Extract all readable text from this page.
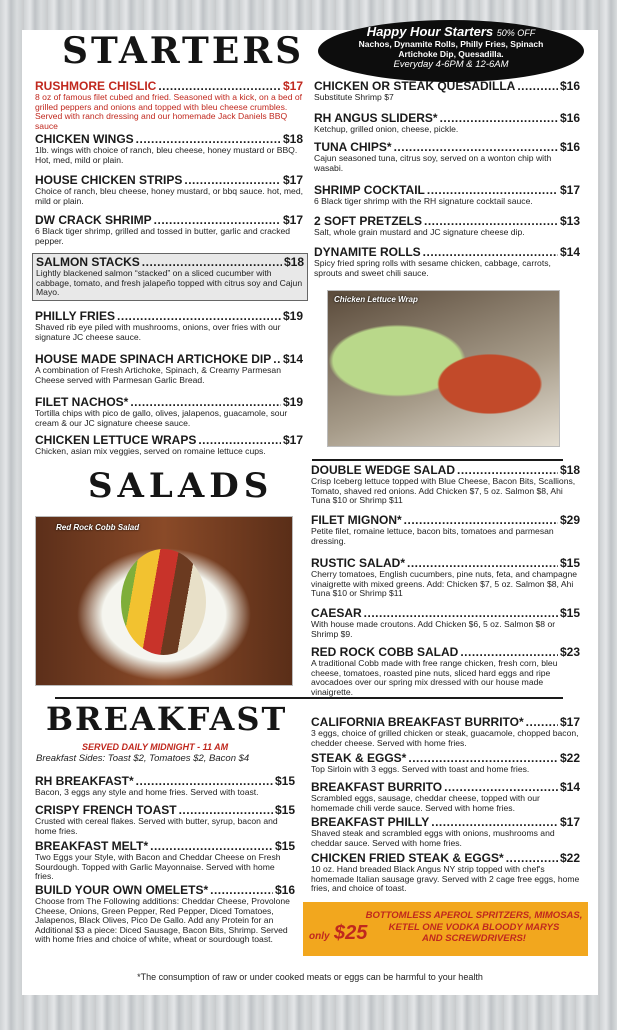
STARTERS	Happy Hour Starters 50% OFF
Nachos, Dynamite Rolls, Philly Fries, Spinach
Artichoke Dip, Quesadilla.
Everyday 4-6PM & 12-6AM
RUSHMORE CHISLIC .....	$17
8 oz of famous filet cubed and fried. Seasoned with a kick, on a bed of grilled peppers and onions and topped with bleu cheese crumbles. Served with ranch dressing and our homemade Jack Daniels BBQ sauce
CHICKEN WINGS .....	$18
1lb. wings with choice of ranch, bleu cheese, honey mustard or BBQ. Hot, med, mild or plain.
HOUSE CHICKEN STRIPS .....	$17
Choice of ranch, bleu cheese, honey mustard, or bbq sauce. hot, med, mild or plain.
DW CRACK SHRIMP .....	$17
6 Black tiger shrimp, grilled and tossed in butter, garlic and cracked pepper.
SALMON STACKS .....	$18
Lightly blackened salmon “stacked” on a sliced cucumber with cabbage, tomato, and fresh jalapeño topped with citrus soy and Cajun Mayo.
PHILLY FRIES .....	$19
Shaved rib eye piled with mushrooms, onions, over fries with our signature JC cheese sauce.
HOUSE MADE SPINACH ARTICHOKE DIP ..... $14
A combination of Fresh Artichoke, Spinach, & Creamy Parmesan Cheese served with Parmesan Garlic Bread.
FILET NACHOS* .....	$19
Tortilla chips with pico de gallo, olives, jalapenos, guacamole, sour cream & our JC signature cheese sauce.
CHICKEN LETTUCE WRAPS .....	$17
Chicken, asian mix veggies, served on romaine lettuce cups.
CHICKEN OR STEAK QUESADILLA .....	$16
Substitute Shrimp $7
RH ANGUS SLIDERS* .....	$16
Ketchup, grilled onion, cheese, pickle.
TUNA CHIPS* .....	$16
Cajun seasoned tuna, citrus soy, served on a wonton chip with wasabi.
SHRIMP COCKTAIL .....	$17
6 Black tiger shrimp with the RH signature cocktail sauce.
2 SOFT PRETZELS .....	$13
Salt, whole grain mustard and JC signature cheese dip.
DYNAMITE ROLLS .....	$14
Spicy fried spring rolls with sesame chicken, cabbage, carrots, sprouts and sweet chili sauce.
Chicken Lettuce Wrap
SALADS
Red Rock Cobb Salad
DOUBLE WEDGE SALAD .....	$18
Crisp Iceberg lettuce topped with Blue Cheese, Bacon Bits, Scallions, Tomato, shaved red onions. Add Chicken $7, 5 oz. Salmon $8, Ahi Tuna $10 or Shrimp $11
FILET MIGNON* .....	$29
Petite filet, romaine lettuce, bacon bits, tomatoes and parmesan dressing.
RUSTIC SALAD* .....	$15
Cherry tomatoes, English cucumbers, pine nuts, feta, and champagne vinaigrette with mixed greens. Add: Chicken $7, 5 oz. Salmon $8, Ahi Tuna $10 or Shrimp $11
CAESAR .....	$15
With house made croutons. Add Chicken $6, 5 oz. Salmon $8 or Shrimp $9.
RED ROCK COBB SALAD .....	$23
A traditional Cobb made with free range chicken, fresh corn, bleu cheese, tomatoes, roasted pine nuts, sliced hard eggs and ripe avocadoes over our spring mix dressed with our house made vinaigrette.
BREAKFAST
SERVED DAILY MIDNIGHT - 11 AM
Breakfast Sides: Toast $2, Tomatoes $2, Bacon $4
RH BREAKFAST* .....	$15
Bacon, 3 eggs any style and home fries. Served with toast.
CRISPY FRENCH TOAST .....	$15
Crusted with cereal flakes. Served with butter, syrup, bacon and home fries.
BREAKFAST MELT* .....	$15
Two Eggs your Style, with Bacon and Cheddar Cheese on Fresh Sourdough. Topped with Garlic Mayonnaise. Served with home fries.
BUILD YOUR OWN OMELETS* .....	$16
Choose from The Following additions: Cheddar Cheese, Provolone Cheese, Onions, Green Pepper, Red Pepper, Diced Tomatoes, Jalapenos, Black Olives, Pico De Gallo. Add any Protein for an Additional $3 a piece: Diced Sausage, Bacon Bits, Shrimp. Served with home fries and choice of white, wheat or sourdough toast.
CALIFORNIA BREAKFAST BURRITO* .....	$17
3 eggs, choice of grilled chicken or steak, guacamole, chopped bacon, chedder cheese. Served with home fries.
STEAK & EGGS* .....	$22
Top Sirloin with 3 eggs. Served with toast and home fries.
BREAKFAST BURRITO .....	$14
Scrambled eggs, sausage, cheddar cheese, topped with our homemade chili verde sauce. Served with home fries.
BREAKFAST PHILLY .....	$17
Shaved steak and scrambled eggs with onions, mushrooms and cheddar sauce. Served with home fries.
CHICKEN FRIED STEAK & EGGS* .....	$22
10 oz. Hand breaded Black Angus NY strip topped with chef's homemade Italian sausage gravy. Served with 2 cage free eggs, home fries, and choice of toast.
only $25
BOTTOMLESS APEROL SPRITZERS, MIMOSAS,
KETEL ONE VODKA BLOODY MARYS
AND SCREWDRIVERS!
*The consumption of raw or under cooked meats or eggs can be harmful to your health
